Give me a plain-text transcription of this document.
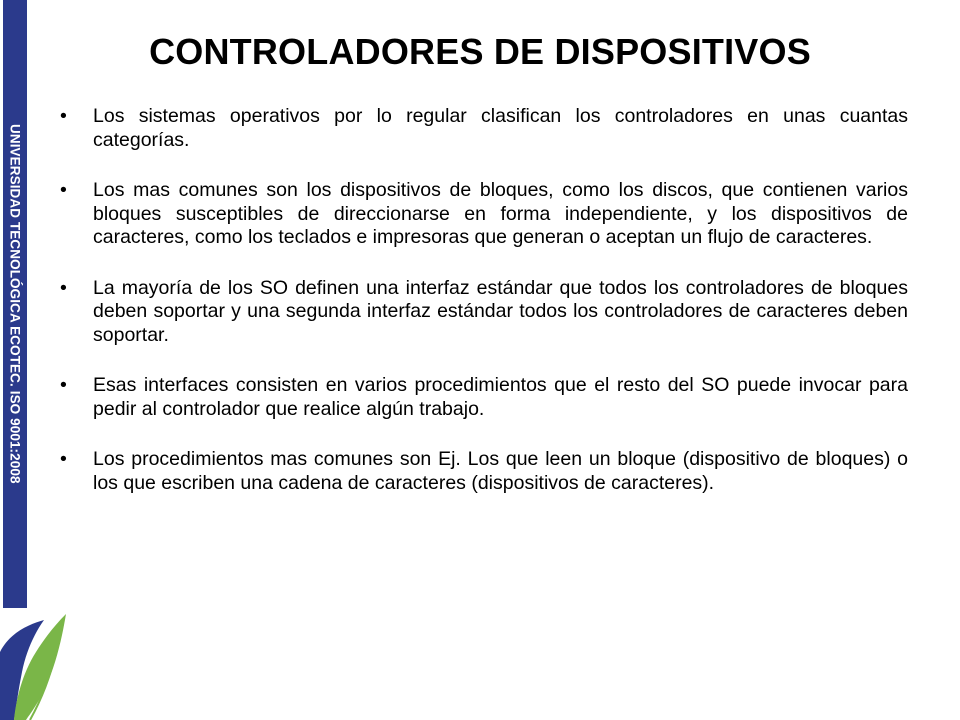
UNIVERSIDAD TECNOLÓGICA ECOTEC. ISO 9001:2008
CONTROLADORES DE DISPOSITIVOS
• Los sistemas operativos por lo regular clasifican los controladores en unas cuantas categorías.
• Los mas comunes son los dispositivos de bloques, como los discos, que contienen varios bloques susceptibles de direccionarse en forma independiente, y los dispositivos de caracteres, como los teclados e impresoras que generan o aceptan un flujo de caracteres.
• La mayoría de los SO definen una interfaz estándar que todos los controladores de bloques deben soportar y una segunda interfaz estándar todos los controladores de caracteres deben soportar.
• Esas interfaces consisten en varios procedimientos que el resto del SO puede invocar para pedir al controlador que realice algún trabajo.
• Los procedimientos mas comunes son Ej. Los que leen un bloque (dispositivo de bloques) o los que escriben una cadena de caracteres (dispositivos de caracteres).
